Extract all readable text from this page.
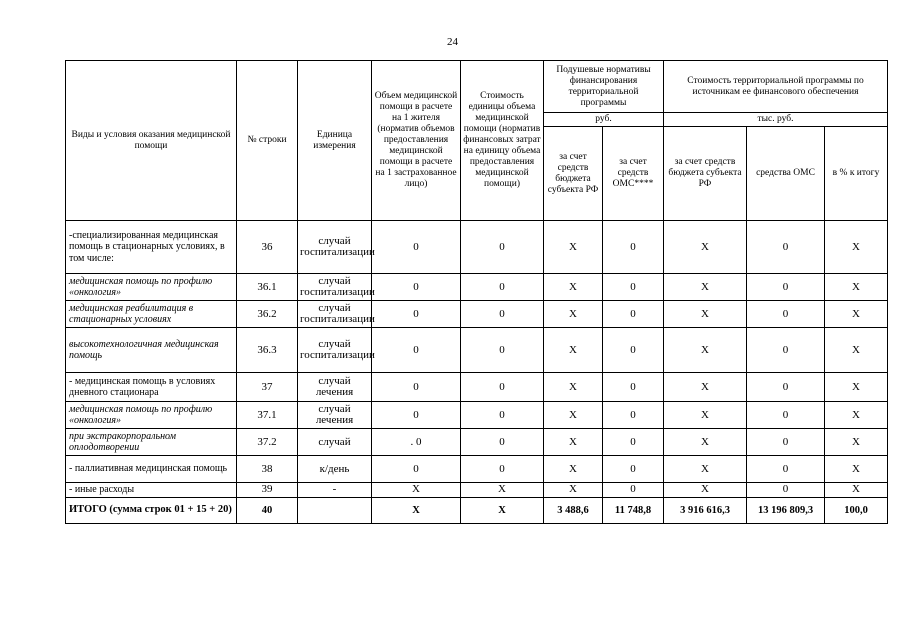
24
Виды и условия оказания медицинской помощи	№ строки	Единица измерения	Объем медицинской помощи в расчете на 1 жителя (норматив объемов предоставления медицинской помощи в расчете на 1 застрахованное лицо)	Стоимость единицы объема медицинской помощи (норматив финансовых затрат на единицу объема предоставления медицинской помощи)	Подушевые нормативы финансирования территориальной программы		Стоимость территориальной программы по источникам ее финансового обеспечения		
					руб.		тыс. руб.		
					за счет средств бюджета субъекта РФ	за счет средств ОМС****	за счет средств бюджета субъекта РФ	средства ОМС	в % к итогу
-специализированная медицинская помощь в стационарных условиях, в том числе:	36	случай госпитализации	0	0	X	0	X	0	X
медицинская помощь по профилю «онкология»	36.1	случай госпитализации	0	0	X	0	X	0	X
медицинская реабилитация в стационарных условиях	36.2	случай госпитализации	0	0	X	0	X	0	X
высокотехнологичная медицинская помощь	36.3	случай госпитализации	0	0	X	0	X	0	X
- медицинская помощь в условиях дневного стационара	37	случай лечения	0	0	X	0	X	0	X
медицинская помощь по профилю «онкология»	37.1	случай лечения	0	0	X	0	X	0	X
при экстракорпоральном оплодотворении	37.2	случай	. 0	0	X	0	X	0	X
- паллиативная медицинская помощь	38	к/день	0	0	X	0	X	0	X
- иные расходы	39	-	X	X	X	0	X	0	X
ИТОГО (сумма строк 01 + 15 + 20)	40		X	X	3 488,6	11 748,8	3 916 616,3	13 196 809,3	100,0
